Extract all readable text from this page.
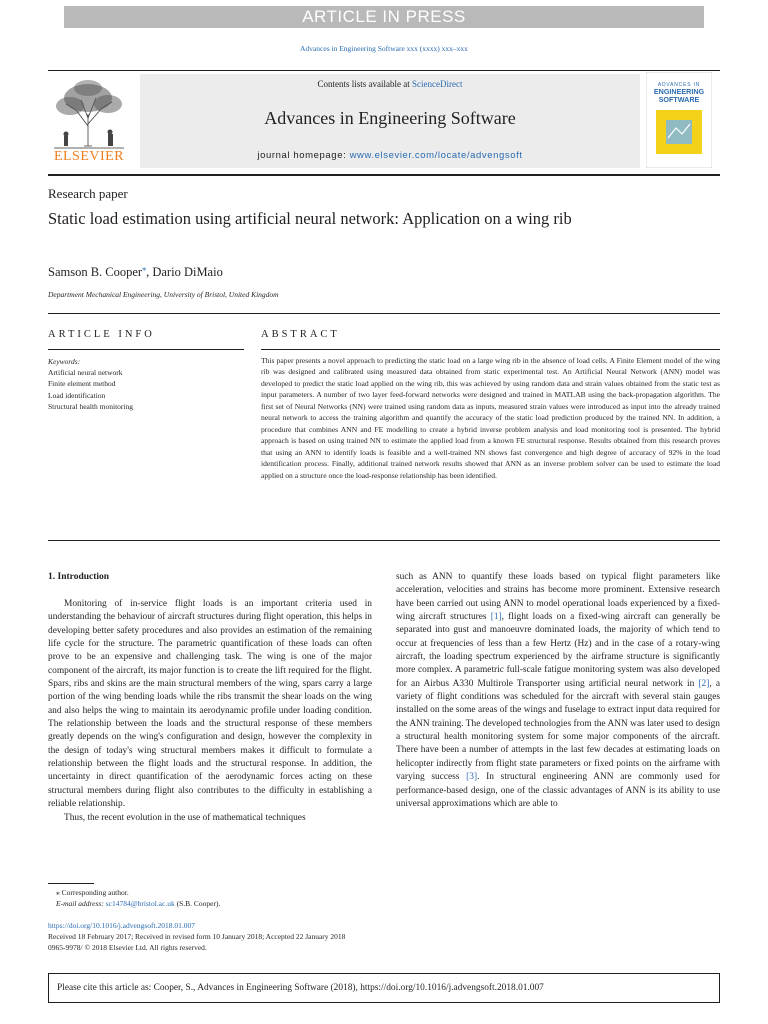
ARTICLE IN PRESS
Advances in Engineering Software xxx (xxxx) xxx–xxx
ELSEVIER
Contents lists available at ScienceDirect
Advances in Engineering Software
journal homepage: www.elsevier.com/locate/advengsoft
ADVANCES IN
ENGINEERING
SOFTWARE
Research paper
Static load estimation using artificial neural network: Application on a wing rib
Samson B. Cooper⁎, Dario DiMaio
Department Mechanical Engineering, University of Bristol, United Kingdom
ARTICLE INFO	ABSTRACT
Keywords:
Artificial neural network
Finite element method
Load identification
Structural health monitoring

This paper presents a novel approach to predicting the static load on a large wing rib in the absence of load cells. A Finite Element model of the wing rib was designed and calibrated using measured data obtained from static experimental test. An Artificial Neural Network (ANN) model was developed to predict the static load applied on the wing rib, this was achieved by using random data and strain values obtained from the static test as input parameters. A number of two layer feed-forward networks were designed and trained in MATLAB using the back-propagation algorithm. The first set of Neural Networks (NN) were trained using random data as inputs, measured strain values were introduced as input into the already trained neural network to access the training algorithm and quantify the accuracy of the static load prediction produced by the trained NN. In addition, a procedure that combines ANN and FE modelling to create a hybrid inverse problem analysis and load monitoring tool is presented. The hybrid approach is based on using trained NN to estimate the applied load from a known FE structural response. Results obtained from this research proves that using an ANN to identify loads is feasible and a well-trained NN shows fast convergence and high degree of accuracy of 92% in the load identification process. Finally, additional trained network results showed that ANN as an inverse problem solver can be used to estimate the load applied on a structure once the load-response relationship has been identified.

1. Introduction

Monitoring of in-service flight loads is an important criteria used in understanding the behaviour of aircraft structures during flight operation, this helps in developing better safety procedures and also provides an estimation of the remaining life cycle for the structure. The parametric quantification of these loads can often prove to be an expensive and challenging task. The wing is one of the major component of the aircraft, its major function is to create the lift required for the flight. Spars, ribs and skins are the main structural members of the wing, spars carry a large portion of the wing bending loads while the ribs transmit the shear loads on the wing and also helps the wing to maintain its aerodynamic profile under loading condition. The relationship between the loads and the structural response of these members greatly depends on the wing's configuration and design, however the complexity in the design of today's wing structural members makes it difficult to formulate a relationship between the flight loads and the structural response. In addition, the uncertainty in direct quantification of the aerodynamic forces acting on these structural members during flight also contributes to the difficulty in establishing a reliable relationship.

Thus, the recent evolution in the use of mathematical techniques

such as ANN to quantify these loads based on typical flight parameters like acceleration, velocities and strains has become more prominent. Extensive research have been carried out using ANN to model operational loads experienced by a fixed-wing aircraft structures [1], flight loads on a fixed-wing aircraft can generally be separated into gust and manoeuvre dominated loads, the majority of which tend to occur at frequencies of less than a few Hertz (Hz) and in the case of a rotary-wing aircraft, the loading spectrum experienced by the airframe structure is significantly more complex. A parametric full-scale fatigue monitoring system was also developed for an Airbus A330 Multirole Transporter using artificial neural network in [2], a variety of flight conditions was scheduled for the aircraft with several stain gauges installed on the some areas of the wings and fuselage to extract input data required for the ANN training. The developed technologies from the ANN was later used to design a structural health monitoring system for some major components of the aircraft. There have been a number of attempts in the last few decades at estimating loads on helicopter indirectly from flight state parameters or fixed points on the airframe with varying success [3]. In structural engineering ANN are commonly used for performance-based design, one of the classic advantages of ANN is its ability to use universal approximations which are able to

⁎ Corresponding author.
E-mail address: sc14784@bristol.ac.uk (S.B. Cooper).
https://doi.org/10.1016/j.advengsoft.2018.01.007
Received 18 February 2017; Received in revised form 10 January 2018; Accepted 22 January 2018
0965-9978/ © 2018 Elsevier Ltd. All rights reserved.
Please cite this article as: Cooper, S., Advances in Engineering Software (2018), https://doi.org/10.1016/j.advengsoft.2018.01.007
